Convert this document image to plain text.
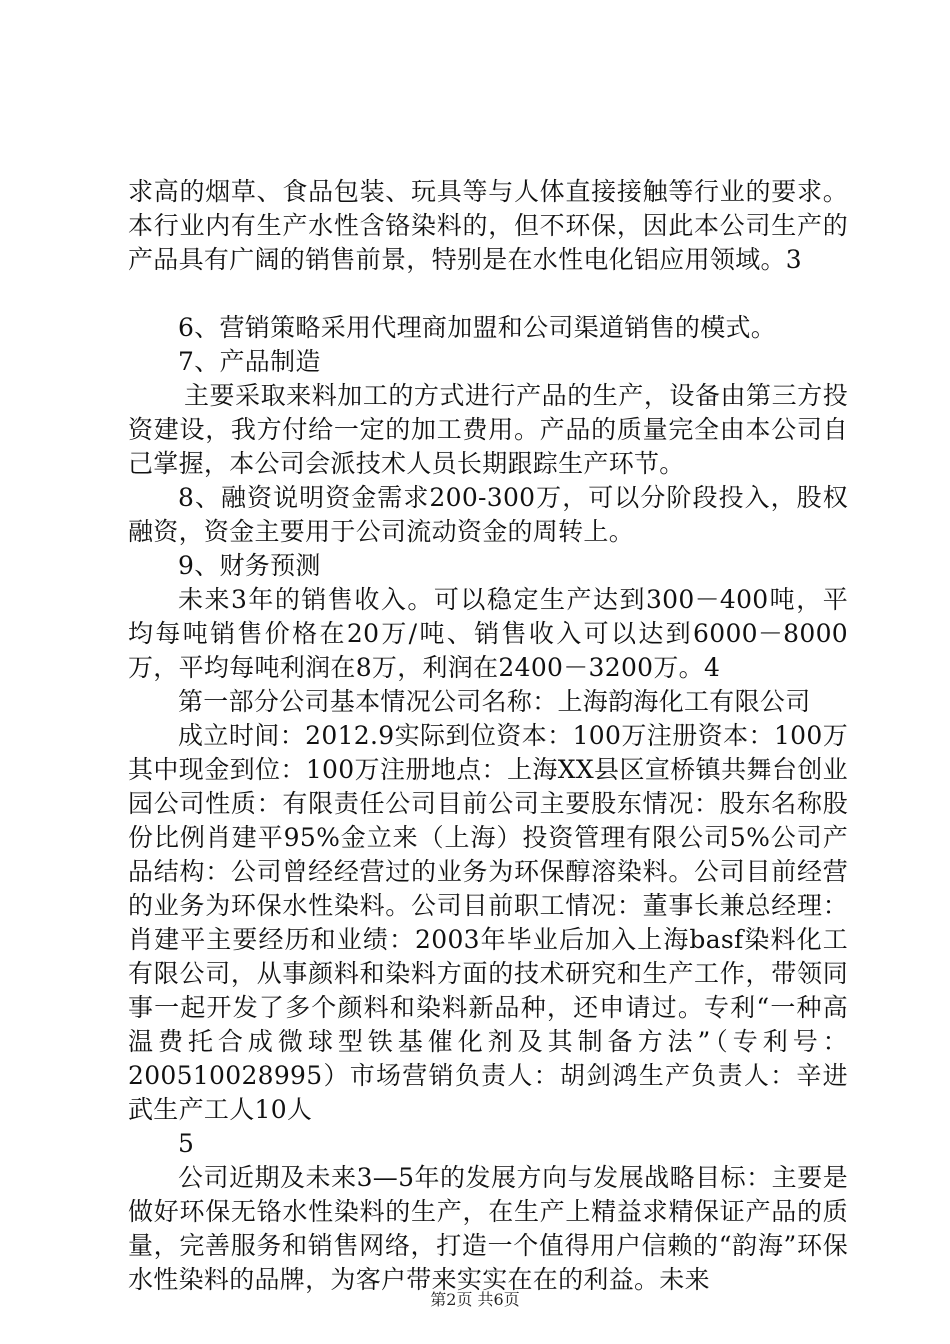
求高的烟草、食品包装、玩具等与人体直接接触等行业的要求。本行业内有生产水性含铬染料的，但不环保，因此本公司生产的产品具有广阔的销售前景，特别是在水性电化铝应用领域。3

6、营销策略采用代理商加盟和公司渠道销售的模式。

7、产品制造

主要采取来料加工的方式进行产品的生产，设备由第三方投资建设，我方付给一定的加工费用。产品的质量完全由本公司自己掌握，本公司会派技术人员长期跟踪生产环节。

8、融资说明资金需求200-300万，可以分阶段投入，股权融资，资金主要用于公司流动资金的周转上。

9、财务预测

未来3年的销售收入。可以稳定生产达到300－400吨，平均每吨销售价格在20万/吨、销售收入可以达到6000－8000万，平均每吨利润在8万，利润在2400－3200万。4

第一部分公司基本情况公司名称：上海韵海化工有限公司

成立时间：2012.9实际到位资本：100万注册资本：100万其中现金到位：100万注册地点：上海XX县区宣桥镇共舞台创业园公司性质：有限责任公司目前公司主要股东情况：股东名称股份比例肖建平95%金立来（上海）投资管理有限公司5%公司产品结构：公司曾经经营过的业务为环保醇溶染料。公司目前经营的业务为环保水性染料。公司目前职工情况：董事长兼总经理：肖建平主要经历和业绩：2003年毕业后加入上海basf染料化工有限公司，从事颜料和染料方面的技术研究和生产工作，带领同事一起开发了多个颜料和染料新品种，还申请过。专利“一种高温费托合成微球型铁基催化剂及其制备方法”（专利号：200510028995）市场营销负责人：胡剑鸿生产负责人：辛进武生产工人10人

5

公司近期及未来3—5年的发展方向与发展战略目标：主要是做好环保无铬水性染料的生产，在生产上精益求精保证产品的质量，完善服务和销售网络，打造一个值得用户信赖的“韵海”环保水性染料的品牌，为客户带来实实在在的利益。未来

第2页 共6页
